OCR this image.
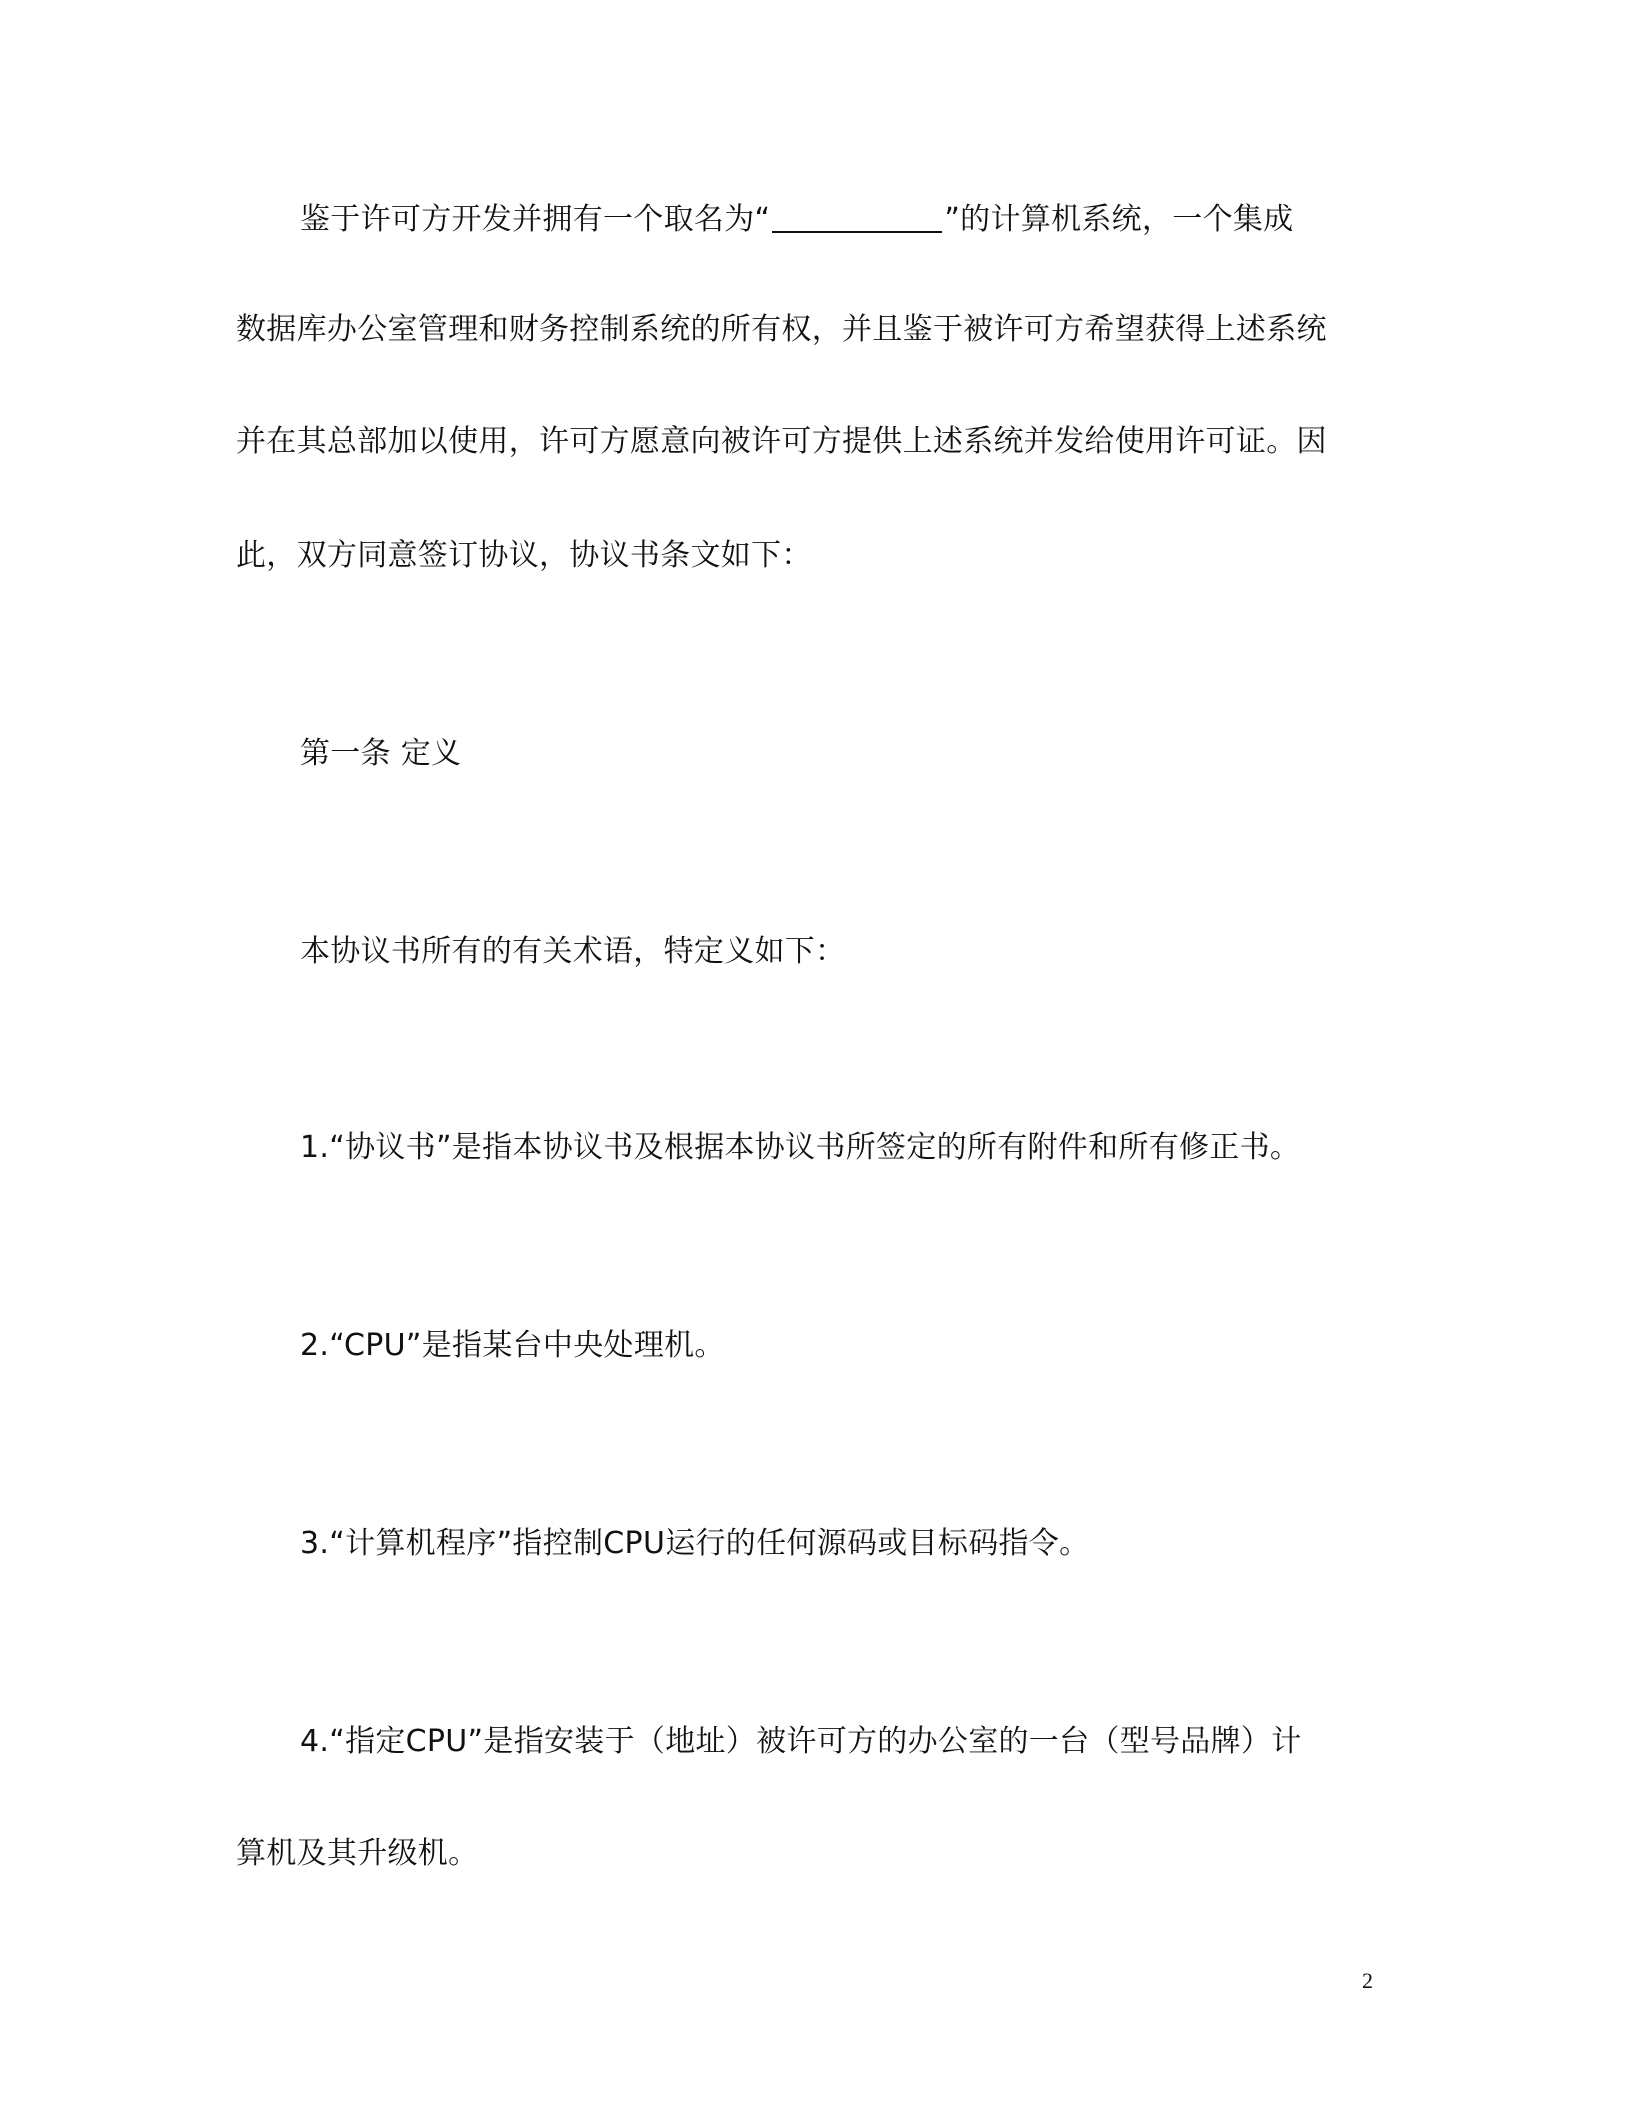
鉴于许可方开发并拥有一个取名为“	”的计算机系统，一个集成
数据库办公室管理和财务控制系统的所有权，并且鉴于被许可方希望获得上述系统
并在其总部加以使用，许可方愿意向被许可方提供上述系统并发给使用许可证。因
此，双方同意签订协议，协议书条文如下：
第一条 定义
本协议书所有的有关术语，特定义如下：
1.“协议书”是指本协议书及根据本协议书所签定的所有附件和所有修正书。
2.“CPU”是指某台中央处理机。
3.“计算机程序”指控制CPU运行的任何源码或目标码指令。
4.“指定CPU”是指安装于（地址）被许可方的办公室的一台（型号品牌）计
算机及其升级机。
2
